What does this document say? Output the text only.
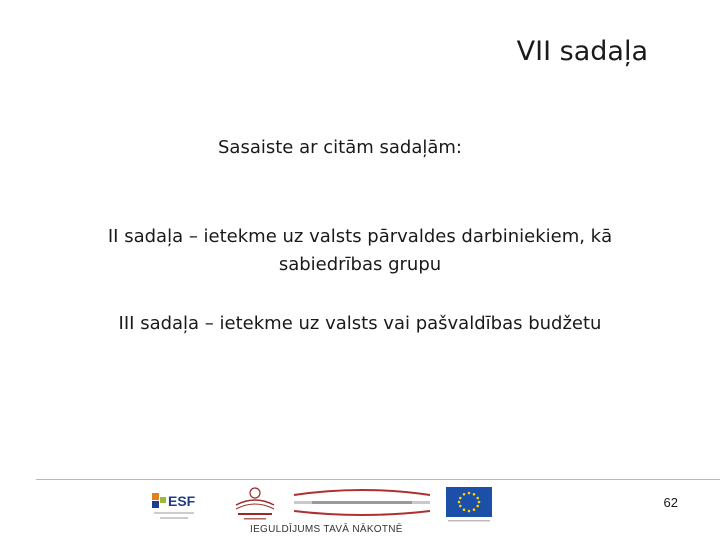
VII sadaļa
Sasaiste ar citām sadaļām:
II sadaļa – ietekme uz valsts pārvaldes darbiniekiem, kā
sabiedrības grupu
III sadaļa – ietekme uz valsts vai pašvaldības budžetu
62
ESF
IEGULDĪJUMS TAVĀ NĀKOTNĒ
